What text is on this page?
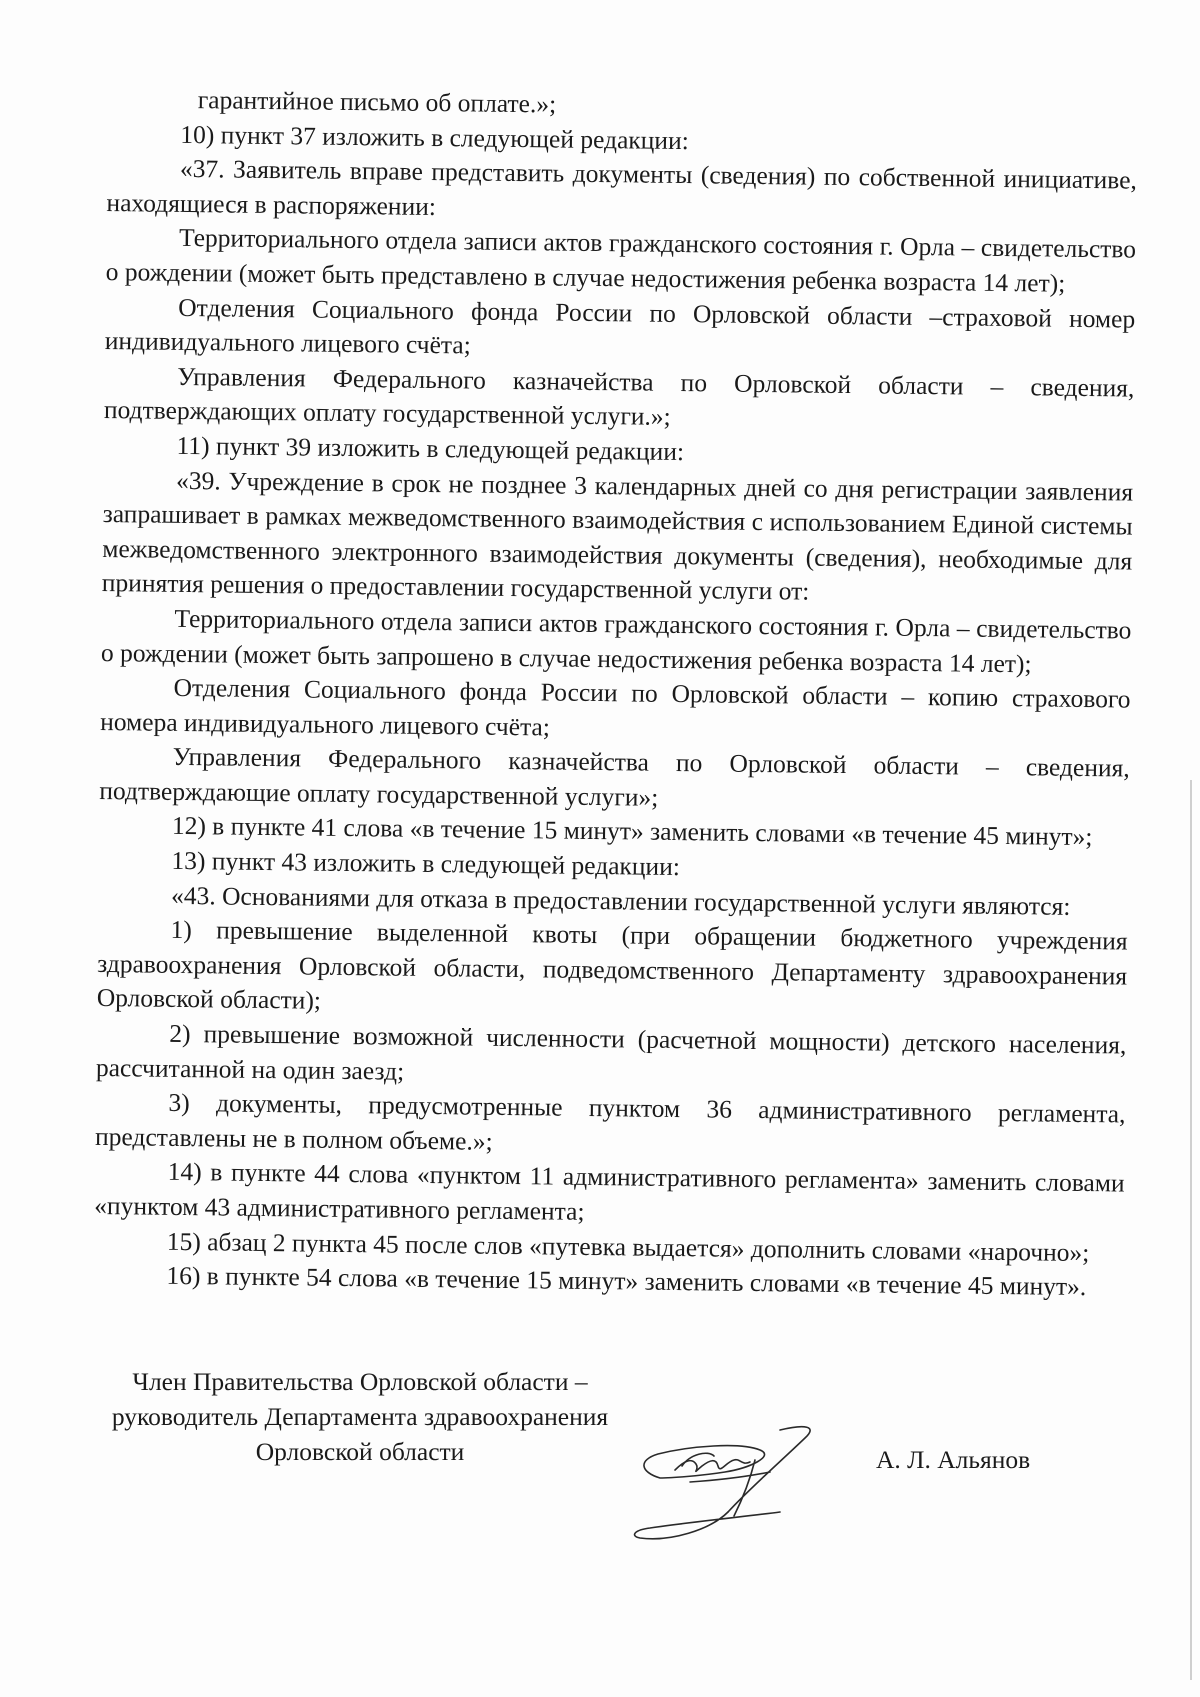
гарантийное письмо об оплате.»;

10) пункт 37 изложить в следующей редакции:

«37. Заявитель вправе представить документы (сведения) по собственной инициативе, находящиеся в распоряжении:

Территориального отдела записи актов гражданского состояния г. Орла – свидетельство о рождении (может быть представлено в случае недостижения ребенка возраста 14 лет);

Отделения Социального фонда России по Орловской области –страховой номер индивидуального лицевого счёта;

Управления Федерального казначейства по Орловской области – сведения, подтверждающих оплату государственной услуги.»;

11) пункт 39 изложить в следующей редакции:

«39. Учреждение в срок не позднее 3 календарных дней со дня регистрации заявления запрашивает в рамках межведомственного взаимодействия с использованием Единой системы межведомственного электронного взаимодействия документы (сведения), необходимые для принятия решения о предоставлении государственной услуги от:

Территориального отдела записи актов гражданского состояния г. Орла – свидетельство о рождении (может быть запрошено в случае недостижения ребенка возраста 14 лет);

Отделения Социального фонда России по Орловской области – копию страхового номера индивидуального лицевого счёта;

Управления Федерального казначейства по Орловской области – сведения, подтверждающие оплату государственной услуги»;

12) в пункте 41 слова «в течение 15 минут» заменить словами «в течение 45 минут»;

13) пункт 43 изложить в следующей редакции:

«43. Основаниями для отказа в предоставлении государственной услуги являются:

1) превышение выделенной квоты (при обращении бюджетного учреждения здравоохранения Орловской области, подведомственного Департаменту здравоохранения Орловской области);

2) превышение возможной численности (расчетной мощности) детского населения, рассчитанной на один заезд;

3) документы, предусмотренные пунктом 36 административного регламента, представлены не в полном объеме.»;

14) в пункте 44 слова «пунктом 11 административного регламента» заменить словами «пунктом 43 административного регламента;

15) абзац 2 пункта 45 после слов «путевка выдается» дополнить словами «нарочно»;

16) в пункте 54 слова «в течение 15 минут» заменить словами «в течение 45 минут».

Член Правительства Орловской области –
руководитель Департамента здравоохранения
Орловской области	А. Л. Альянов
